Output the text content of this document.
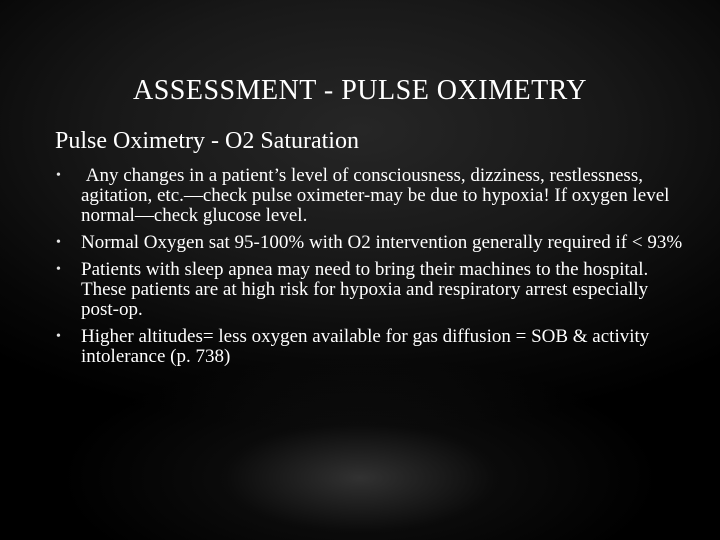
ASSESSMENT - PULSE OXIMETRY
Pulse Oximetry - O2 Saturation
• Any changes in a patient’s level of consciousness, dizziness, restlessness, agitation, etc.—check pulse oximeter-may be due to hypoxia! If oxygen level normal—check glucose level.
• Normal Oxygen sat 95-100% with O2 intervention generally required if < 93%
• Patients with sleep apnea may need to bring their machines to the hospital. These patients are at high risk for hypoxia and respiratory arrest especially post-op.
• Higher altitudes= less oxygen available for gas diffusion = SOB & activity intolerance (p. 738)
